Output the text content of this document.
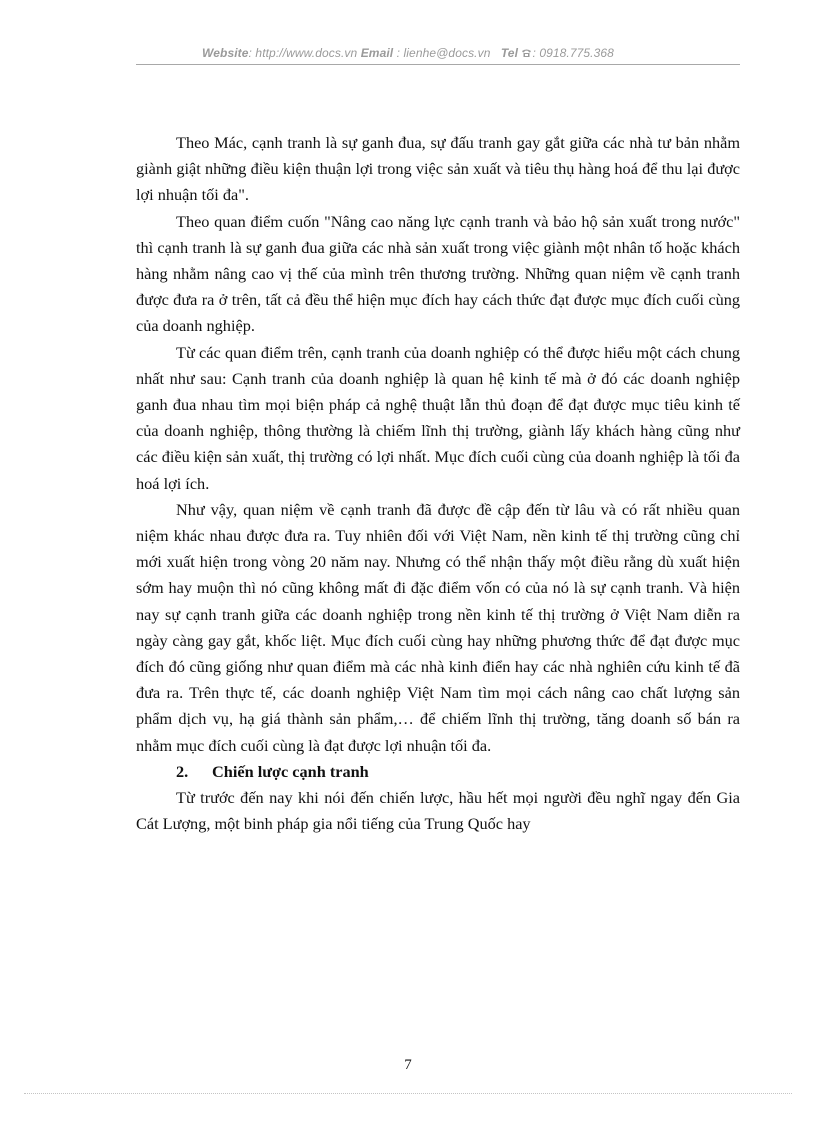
Website: http://www.docs.vn Email : lienhe@docs.vn Tel : 0918.775.368

Theo Mác, cạnh tranh là sự ganh đua, sự đấu tranh gay gắt giữa các nhà tư bản nhằm giành giật những điều kiện thuận lợi trong việc sản xuất và tiêu thụ hàng hoá để thu lại được lợi nhuận tối đa".

Theo quan điểm cuốn "Nâng cao năng lực cạnh tranh và bảo hộ sản xuất trong nước" thì cạnh tranh là sự ganh đua giữa các nhà sản xuất trong việc giành một nhân tố hoặc khách hàng nhằm nâng cao vị thế của mình trên thương trường. Những quan niệm về cạnh tranh được đưa ra ở trên, tất cả đều thể hiện mục đích hay cách thức đạt được mục đích cuối cùng của doanh nghiệp.

Từ các quan điểm trên, cạnh tranh của doanh nghiệp có thể được hiểu một cách chung nhất như sau: Cạnh tranh của doanh nghiệp là quan hệ kinh tế mà ở đó các doanh nghiệp ganh đua nhau tìm mọi biện pháp cả nghệ thuật lẫn thủ đoạn để đạt được mục tiêu kinh tế của doanh nghiệp, thông thường là chiếm lĩnh thị trường, giành lấy khách hàng cũng như các điều kiện sản xuất, thị trường có lợi nhất. Mục đích cuối cùng của doanh nghiệp là tối đa hoá lợi ích.

Như vậy, quan niệm về cạnh tranh đã được đề cập đến từ lâu và có rất nhiều quan niệm khác nhau được đưa ra. Tuy nhiên đối với Việt Nam, nền kinh tế thị trường cũng chỉ mới xuất hiện trong vòng 20 năm nay. Nhưng có thể nhận thấy một điều rằng dù xuất hiện sớm hay muộn thì nó cũng không mất đi đặc điểm vốn có của nó là sự cạnh tranh. Và hiện nay sự cạnh tranh giữa các doanh nghiệp trong nền kinh tế thị trường ở Việt Nam diễn ra ngày càng gay gắt, khốc liệt. Mục đích cuối cùng hay những phương thức để đạt được mục đích đó cũng giống như quan điểm mà các nhà kinh điển hay các nhà nghiên cứu kinh tế đã đưa ra. Trên thực tế, các doanh nghiệp Việt Nam tìm mọi cách nâng cao chất lượng sản phẩm dịch vụ, hạ giá thành sản phẩm,… để chiếm lĩnh thị trường, tăng doanh số bán ra nhằm mục đích cuối cùng là đạt được lợi nhuận tối đa.

2. Chiến lược cạnh tranh

Từ trước đến nay khi nói đến chiến lược, hầu hết mọi người đều nghĩ ngay đến Gia Cát Lượng, một binh pháp gia nổi tiếng của Trung Quốc hay

7
